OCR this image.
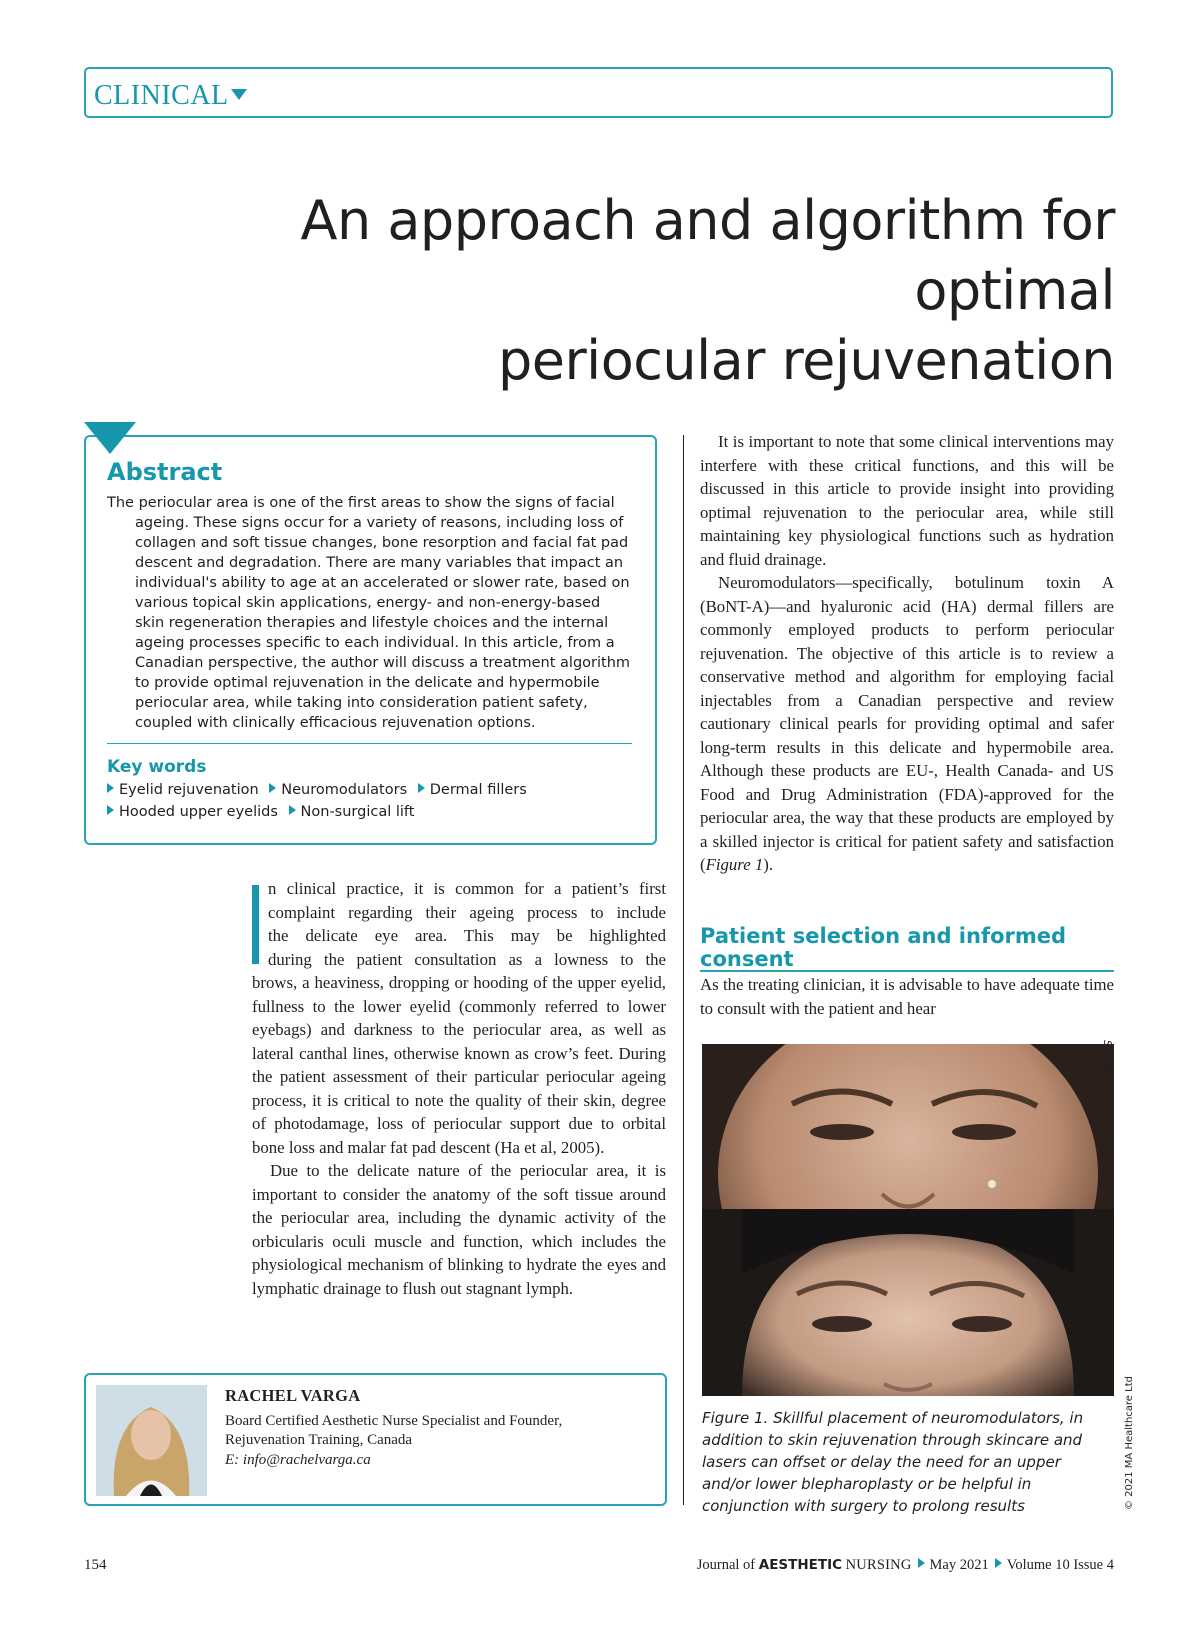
CLINICAL
An approach and algorithm for optimal
periocular rejuvenation
Abstract

The periocular area is one of the first areas to show the signs of facial ageing. These signs occur for a variety of reasons, including loss of collagen and soft tissue changes, bone resorption and facial fat pad descent and degradation. There are many variables that impact an individual's ability to age at an accelerated or slower rate, based on various topical skin applications, energy- and non-energy-based skin regeneration therapies and lifestyle choices and the internal ageing processes specific to each individual. In this article, from a Canadian perspective, the author will discuss a treatment algorithm to provide optimal rejuvenation in the delicate and hypermobile periocular area, while taking into consideration patient safety, coupled with clinically efficacious rejuvenation options.

Key words
Eyelid rejuvenation Neuromodulators Dermal fillers
Hooded upper eyelids Non-surgical lift

n clinical practice, it is common for a patient’s first
complaint regarding their ageing process to include
the delicate eye area. This may be highlighted
during the patient consultation as a lowness to the

brows, a heaviness, dropping or hooding of the upper eyelid, fullness to the lower eyelid (commonly referred to lower eyebags) and darkness to the periocular area, as well as lateral canthal lines, otherwise known as crow’s feet. During the patient assessment of their particular periocular ageing process, it is critical to note the quality of their skin, degree of photodamage, loss of periocular support due to orbital bone loss and malar fat pad descent (Ha et al, 2005).

Due to the delicate nature of the periocular area, it is important to consider the anatomy of the soft tissue around the periocular area, including the dynamic activity of the orbicularis oculi muscle and function, which includes the physiological mechanism of blinking to hydrate the eyes and lymphatic drainage to flush out stagnant lymph.

It is important to note that some clinical interventions may interfere with these critical functions, and this will be discussed in this article to provide insight into providing optimal rejuvenation to the periocular area, while still maintaining key physiological functions such as hydration and fluid drainage.

Neuromodulators—specifically, botulinum toxin A (BoNT-A)—and hyaluronic acid (HA) dermal fillers are commonly employed products to perform periocular rejuvenation. The objective of this article is to review a conservative method and algorithm for employing facial injectables from a Canadian perspective and review cautionary clinical pearls for providing optimal and safer long-term results in this delicate and hypermobile area. Although these products are EU-, Health Canada- and US Food and Drug Administration (FDA)-approved for the periocular area, the way that these products are employed by a skilled injector is critical for patient safety and satisfaction (Figure 1).

Patient selection and informed consent

As the treating clinician, it is advisable to have adequate time to consult with the patient and hear

Supplied by the author

Figure 1. Skillful placement of neuromodulators, in addition to skin rejuvenation through skincare and lasers can offset or delay the need for an upper and/or lower blepharoplasty or be helpful in conjunction with surgery to prolong results	© 2021 MA Healthcare Ltd
RACHEL VARGA
Board Certified Aesthetic Nurse Specialist and Founder, Rejuvenation Training, Canada
E: info@rachelvarga.ca
154	Journal of AESTHETIC NURSING May 2021 Volume 10 Issue 4
